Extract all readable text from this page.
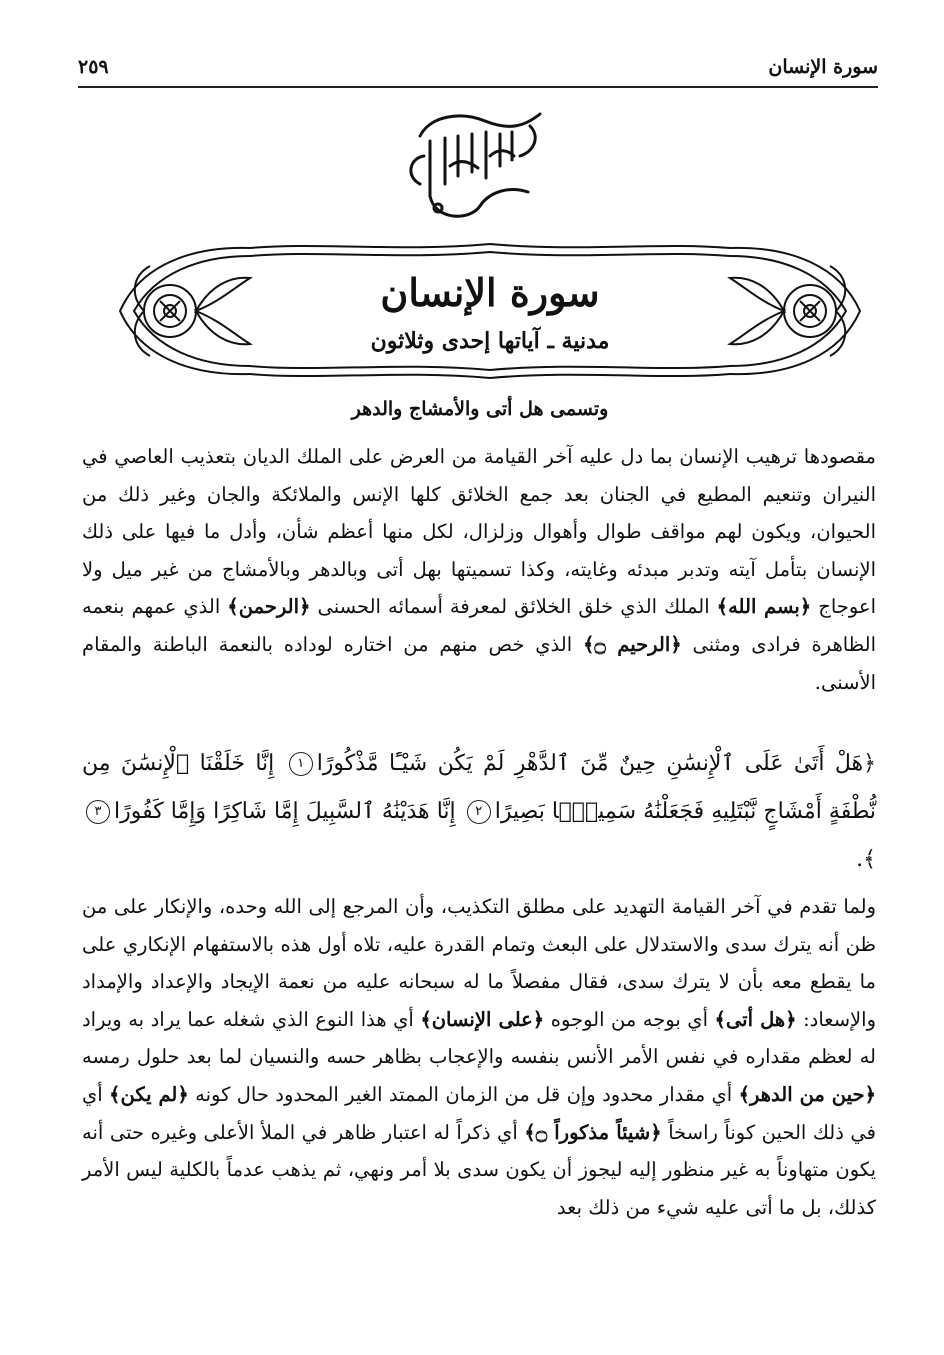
سورة الإنسان
٢٥٩
سورة الإنسان
مدنية ـ آياتها إحدى وثلاثون
وتسمى هل أتى والأمشاج والدهر
مقصودها ترهيب الإنسان بما دل عليه آخر القيامة من العرض على الملك الديان بتعذيب العاصي في النيران وتنعيم المطيع في الجنان بعد جمع الخلائق كلها الإنس والملائكة والجان وغير ذلك من الحيوان، ويكون لهم مواقف طوال وأهوال وزلزال، لكل منها أعظم شأن، وأدل ما فيها على ذلك الإنسان بتأمل آيته وتدبر مبدئه وغايته، وكذا تسميتها بهل أتى وبالدهر وبالأمشاج من غير ميل ولا اعوجاج ﴿بسم الله﴾ الملك الذي خلق الخلائق لمعرفة أسمائه الحسنى ﴿الرحمن﴾ الذي عمهم بنعمه الظاهرة فرادى ومثنى ﴿الرحيم ۝﴾ الذي خص منهم من اختاره لوداده بالنعمة الباطنة والمقام الأسنى.
﴿هَلْ أَتَىٰ عَلَى ٱلْإِنسَٰنِ حِينٌ مِّنَ ٱلدَّهْرِ لَمْ يَكُن شَيْـًٔا مَّذْكُورًا١ إِنَّا خَلَقْنَا ٱلْإِنسَٰنَ مِن نُّطْفَةٍ أَمْشَاجٍ نَّبْتَلِيهِ فَجَعَلْنَٰهُ سَمِيعًۢا بَصِيرًا٢ إِنَّا هَدَيْنَٰهُ ٱلسَّبِيلَ إِمَّا شَاكِرًا وَإِمَّا كَفُورًا٣﴾.
ولما تقدم في آخر القيامة التهديد على مطلق التكذيب، وأن المرجع إلى الله وحده، والإنكار على من ظن أنه يترك سدى والاستدلال على البعث وتمام القدرة عليه، تلاه أول هذه بالاستفهام الإنكاري على ما يقطع معه بأن لا يترك سدى، فقال مفصلاً ما له سبحانه عليه من نعمة الإيجاد والإعداد والإمداد والإسعاد: ﴿هل أتى﴾ أي بوجه من الوجوه ﴿على الإنسان﴾ أي هذا النوع الذي شغله عما يراد به ويراد له لعظم مقداره في نفس الأمر الأنس بنفسه والإعجاب بظاهر حسه والنسيان لما بعد حلول رمسه ﴿حين من الدهر﴾ أي مقدار محدود وإن قل من الزمان الممتد الغير المحدود حال كونه ﴿لم يكن﴾ أي في ذلك الحين كوناً راسخاً ﴿شيئاً مذكوراً ۝﴾ أي ذكراً له اعتبار ظاهر في الملأ الأعلى وغيره حتى أنه يكون متهاوناً به غير منظور إليه ليجوز أن يكون سدى بلا أمر ونهي، ثم يذهب عدماً بالكلية ليس الأمر كذلك، بل ما أتى عليه شيء من ذلك بعد
